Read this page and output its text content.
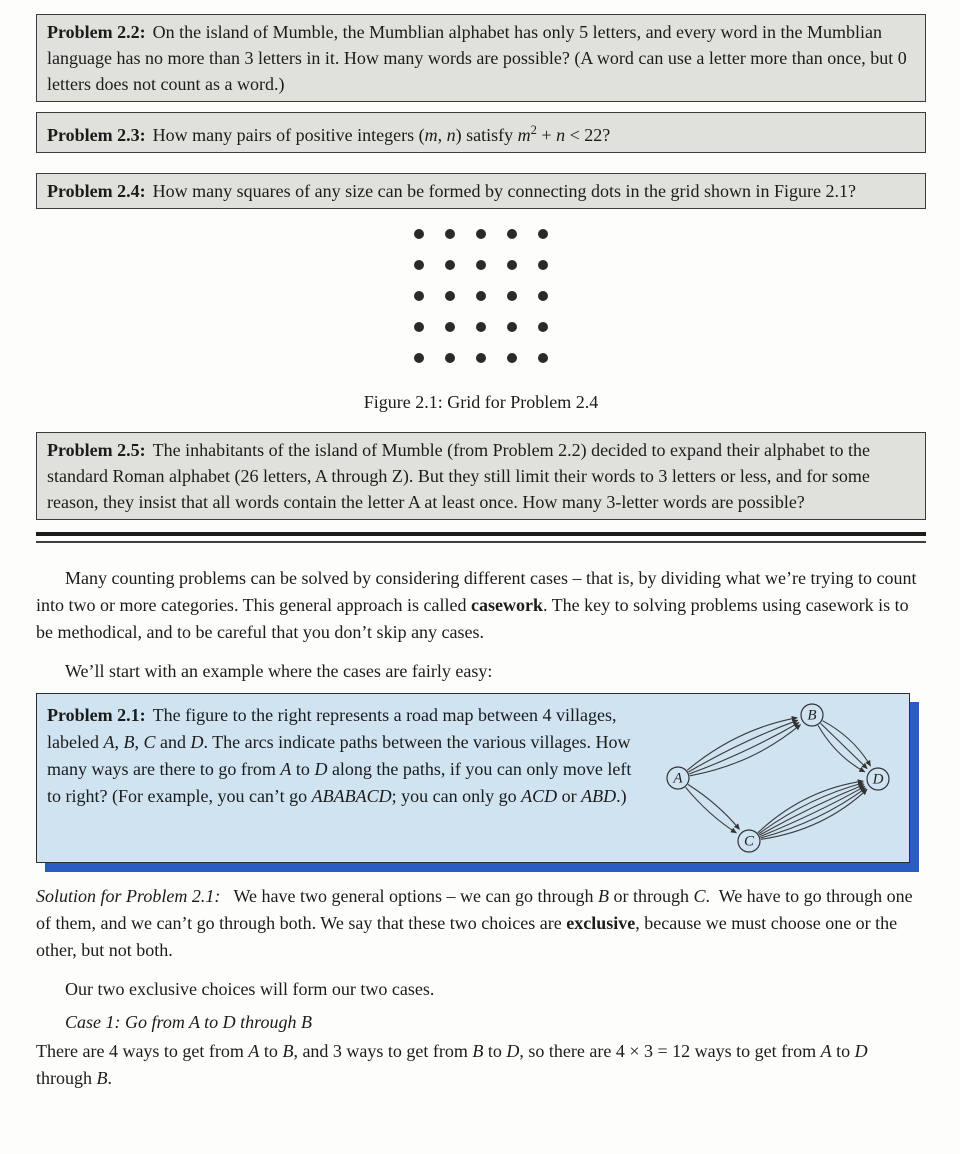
Problem 2.2: On the island of Mumble, the Mumblian alphabet has only 5 letters, and every word in the Mumblian language has no more than 3 letters in it. How many words are possible? (A word can use a letter more than once, but 0 letters does not count as a word.)

Problem 2.3: How many pairs of positive integers (m, n) satisfy $m^2 + n < 22$?

Problem 2.4: How many squares of any size can be formed by connecting dots in the grid shown in Figure 2.1?

Figure 2.1: Grid for Problem 2.4

Problem 2.5: The inhabitants of the island of Mumble (from Problem 2.2) decided to expand their alphabet to the standard Roman alphabet (26 letters, A through Z). But they still limit their words to 3 letters or less, and for some reason, they insist that all words contain the letter A at least once. How many 3-letter words are possible?

Many counting problems can be solved by considering different cases – that is, by dividing what we’re trying to count into two or more categories. This general approach is called casework. The key to solving problems using casework is to be methodical, and to be careful that you don’t skip any cases.

We’ll start with an example where the cases are fairly easy:

Problem 2.1: The figure to the right represents a road map between 4 villages, labeled A, B, C and D. The arcs indicate paths between the various villages. How many ways are there to go from A to D along the paths, if you can only move left to right? (For example, you can’t go ABABACD; you can only go ACD or ABD.)
A
B
C
D

Solution for Problem 2.1: We have two general options – we can go through B or through C.  We have to go through one of them, and we can’t go through both. We say that these two choices are exclusive, because we must choose one or the other, but not both.

Our two exclusive choices will form our two cases.

Case 1: Go from A to D through B

There are 4 ways to get from A to B, and 3 ways to get from B to D, so there are 4 × 3 = 12 ways to get from A to D through B.
